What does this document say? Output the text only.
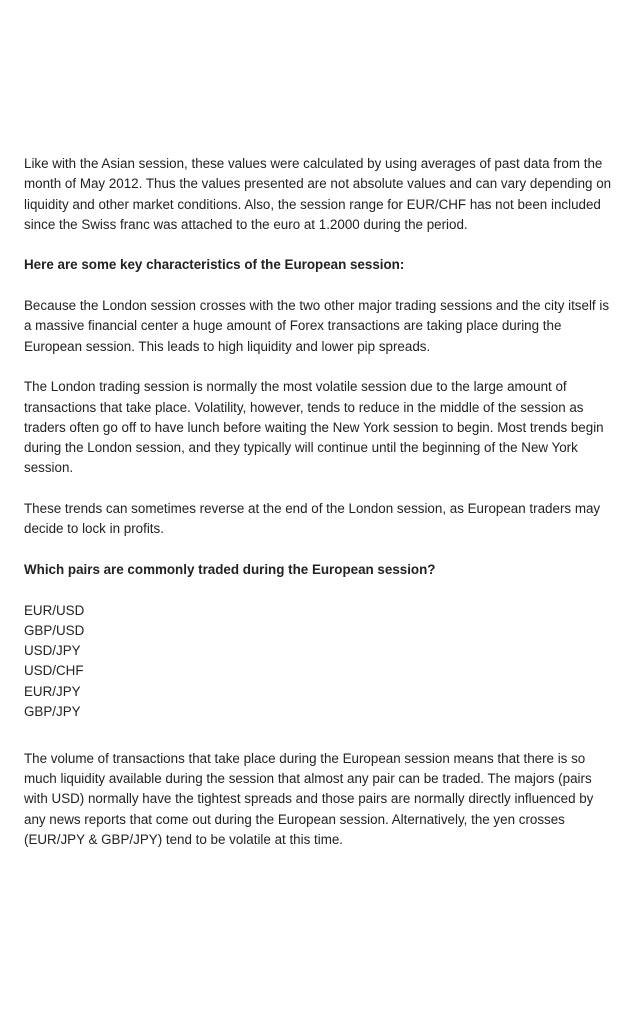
Like with the Asian session, these values were calculated by using averages of past data from the month of May 2012. Thus the values presented are not absolute values and can vary depending on liquidity and other market conditions. Also, the session range for EUR/CHF has not been included since the Swiss franc was attached to the euro at 1.2000 during the period.

Here are some key characteristics of the European session:

Because the London session crosses with the two other major trading sessions and the city itself is a massive financial center a huge amount of Forex transactions are taking place during the European session. This leads to high liquidity and lower pip spreads.

The London trading session is normally the most volatile session due to the large amount of transactions that take place. Volatility, however, tends to reduce in the middle of the session as traders often go off to have lunch before waiting the New York session to begin. Most trends begin during the London session, and they typically will continue until the beginning of the New York session.

These trends can sometimes reverse at the end of the London session, as European traders may decide to lock in profits.

Which pairs are commonly traded during the European session?

EUR/USD
GBP/USD
USD/JPY
USD/CHF
EUR/JPY
GBP/JPY

The volume of transactions that take place during the European session means that there is so much liquidity available during the session that almost any pair can be traded. The majors (pairs with USD) normally have the tightest spreads and those pairs are normally directly influenced by any news reports that come out during the European session. Alternatively, the yen crosses (EUR/JPY & GBP/JPY) tend to be volatile at this time.
